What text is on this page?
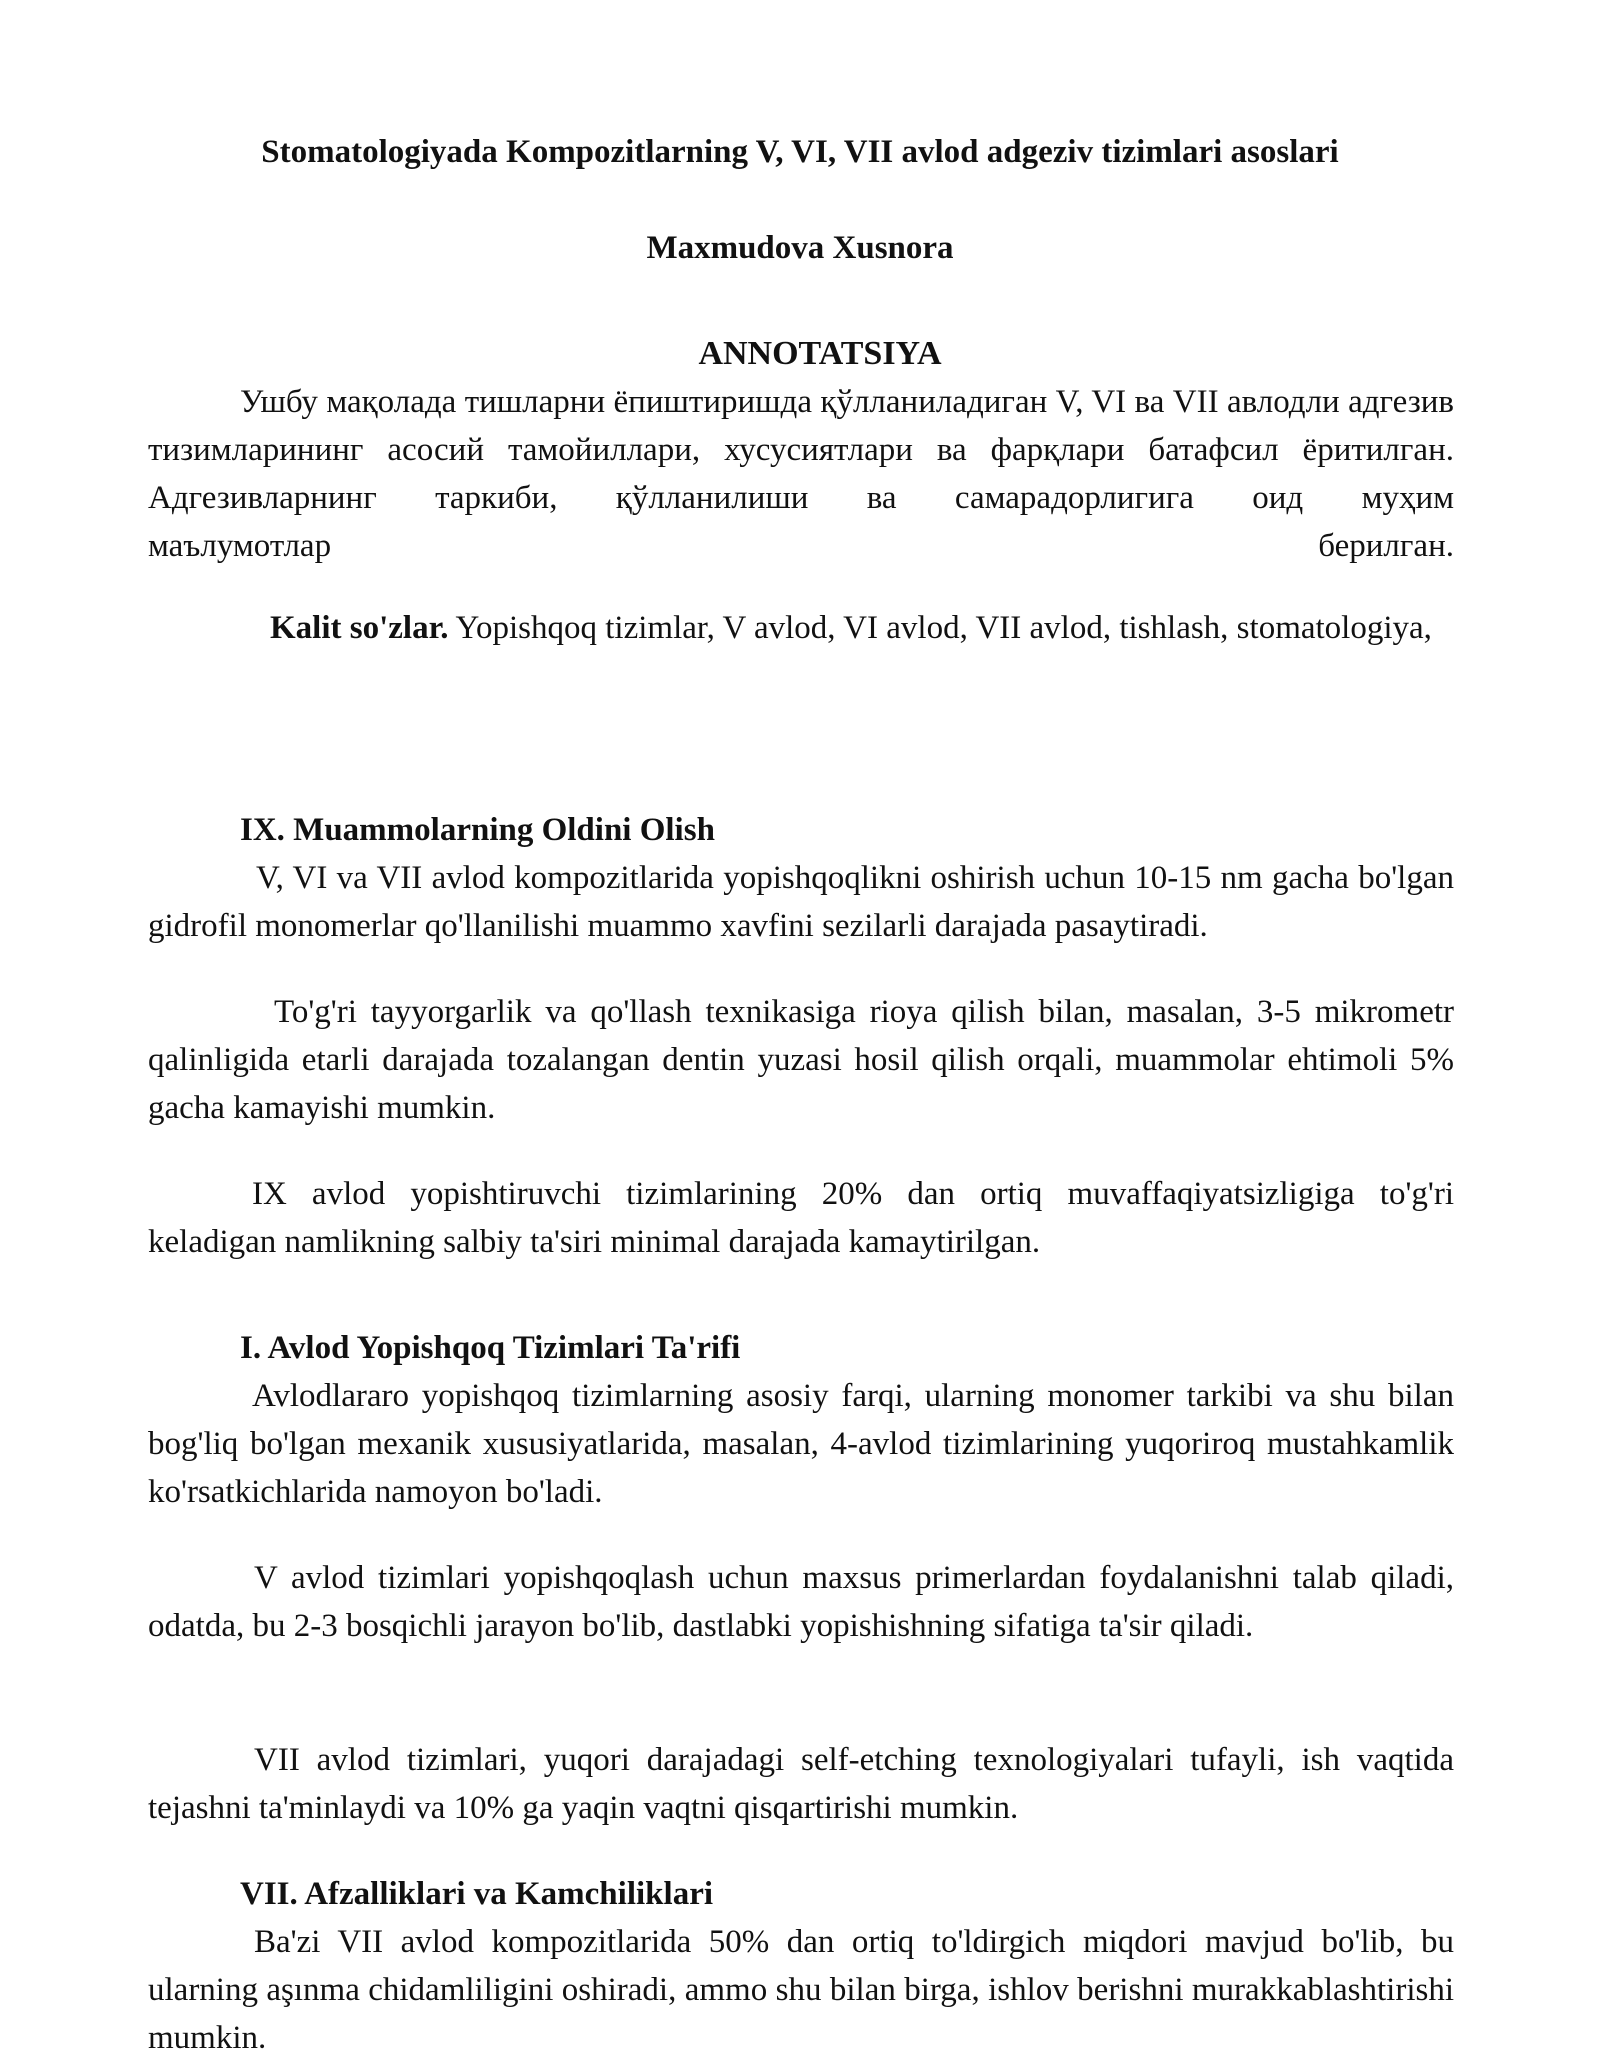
Stomatologiyada Kompozitlarning V, VI, VII avlod adgeziv tizimlari asoslari
Maxmudova Xusnora
ANNOTATSIYA

Ушбу мақолада тишларни ёпиштиришда қўлланиладиган V, VI ва VII авлодли адгезив тизимларининг асосий тамойиллари, хусусиятлари ва фарқлари батафсил ёритилган. Адгезивларнинг таркиби, қўлланилиши ва самарадорлигига оид муҳим

маълумотлар берилган.

Kalit so'zlar. Yopishqoq tizimlar, V avlod, VI avlod, VII avlod, tishlash, stomatologiya,

IX. Muammolarning Oldini Olish

V, VI va VII avlod kompozitlarida yopishqoqlikni oshirish uchun 10-15 nm gacha bo'lgan gidrofil monomerlar qo'llanilishi muammo xavfini sezilarli darajada pasaytiradi.

To'g'ri tayyorgarlik va qo'llash texnikasiga rioya qilish bilan, masalan, 3-5 mikrometr qalinligida etarli darajada tozalangan dentin yuzasi hosil qilish orqali, muammolar ehtimoli 5% gacha kamayishi mumkin.

IX avlod yopishtiruvchi tizimlarining 20% dan ortiq muvaffaqiyatsizligiga to'g'ri keladigan namlikning salbiy ta'siri minimal darajada kamaytirilgan.

I. Avlod Yopishqoq Tizimlari Ta'rifi

Avlodlararo yopishqoq tizimlarning asosiy farqi, ularning monomer tarkibi va shu bilan bog'liq bo'lgan mexanik xususiyatlarida, masalan, 4-avlod tizimlarining yuqoriroq mustahkamlik ko'rsatkichlarida namoyon bo'ladi.

V avlod tizimlari yopishqoqlash uchun maxsus primerlardan foydalanishni talab qiladi, odatda, bu 2-3 bosqichli jarayon bo'lib, dastlabki yopishishning sifatiga ta'sir qiladi.

VII avlod tizimlari, yuqori darajadagi self-etching texnologiyalari tufayli, ish vaqtida tejashni ta'minlaydi va 10% ga yaqin vaqtni qisqartirishi mumkin.

VII. Afzalliklari va Kamchiliklari

Ba'zi VII avlod kompozitlarida 50% dan ortiq to'ldirgich miqdori mavjud bo'lib, bu ularning aşınma chidamliligini oshiradi, ammo shu bilan birga, ishlov berishni murakkablashtirishi mumkin.
